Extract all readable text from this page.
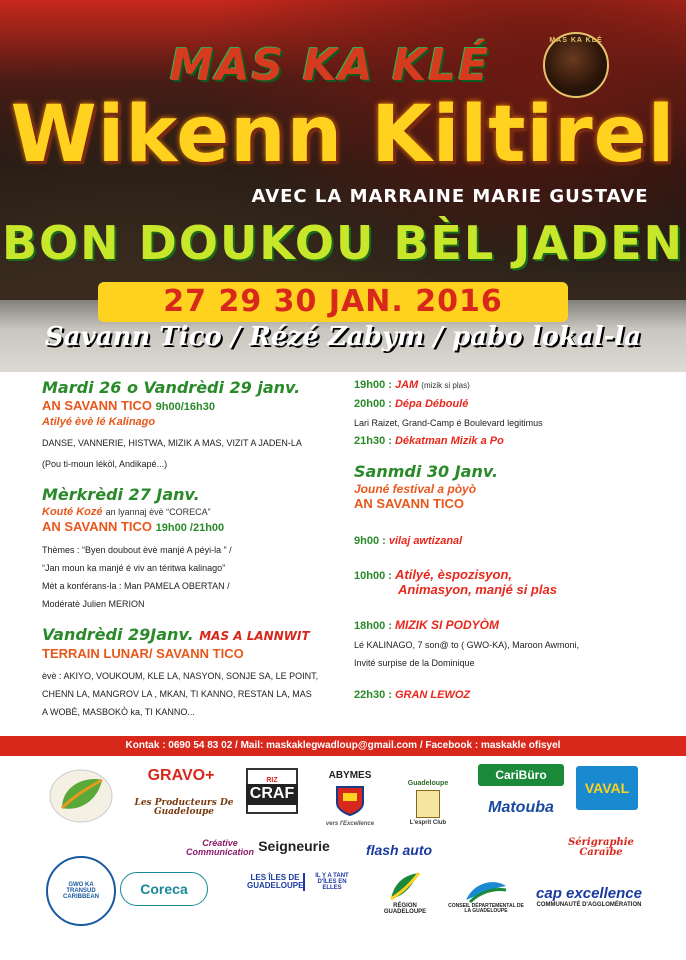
MAS KA KLÉ	MAS KA KLÉ
Wikenn Kiltirel
AVEC LA MARRAINE MARIE GUSTAVE
BON DOUKOU BÈL JADEN
27 29 30 JAN. 2016
Savann Tico / Rézé Zabym / pabo lokal-la
Mardi 26 o Vandrèdi 29 janv.
AN SAVANN TICO 9h00/16h30
Atilyé èvè lé Kalinago
DANSE, VANNERIE, HISTWA, MIZIK A MAS, VIZIT A JADEN-LA
(Pou ti-moun lékòl, Andikapé...)
Mèrkrèdi 27 Janv.
Kouté Kozé an lyannaj èvè “CORECA”
AN SAVANN TICO 19h00 /21h00
Thèmes : “Byen doubout èvè manjé A péyi-la ” /
“Jan moun ka manjé é viv an téritwa kalinago”
Mèt a konférans-la : Man PAMELA OBERTAN /
Modératè Julien MERION
Vandrèdi 29Janv. MAS A LANNWIT
TERRAIN LUNAR/ SAVANN TICO
èvè : AKIYO, VOUKOUM, KLE LA, NASYON, SONJE SA, LE POINT,
CHENN LA, MANGROV LA , MKAN, TI KANNO, RESTAN LA, MAS
A WOBÈ, MASBOKÒ ka, TI KANNO...
19h00 : JAM (mizik si plas)
20h00 : Dépa Déboulé
Lari Raizet, Grand-Camp é Boulevard legitimus
21h30 : Dékatman Mizik a Po
Sanmdi 30 Janv.
Jouné festival a pòyò
AN SAVANN TICO
9h00 : vilaj awtizanal
10h00 : Atilyé, èspozisyon,
Animasyon, manjé si plas
18h00 : MIZIK SI PODYÒM
Lé KALINAGO, 7 son@ to ( GWO-KA), Maroon Awmoni,
Invité surpise de la Dominique
22h30 : GRAN LEWOZ
Kontak : 0690 54 83 02 / Mail: maskaklegwadloup@gmail.com / Facebook : maskakle ofisyel
GRAVO+
Les Producteurs De Guadeloupe
RIZ
CRAF
ABYMES
vers l'Excellence
Guadeloupe
L'esprit Club
CariBüro
Matouba
VAVAL
Créative Communication Seigneurie	flash auto	Sérigraphie Caraïbe
GWO KA TRANSUD CARIBBEAN
Coreca
LES ÎLES DE GUADELOUPE
IL Y A TANT D'ÎLES EN ELLES
RÉGION GUADELOUPE
CONSEIL DÉPARTEMENTAL DE LA GUADELOUPE
cap excellence
COMMUNAUTÉ D'AGGLOMÉRATION
